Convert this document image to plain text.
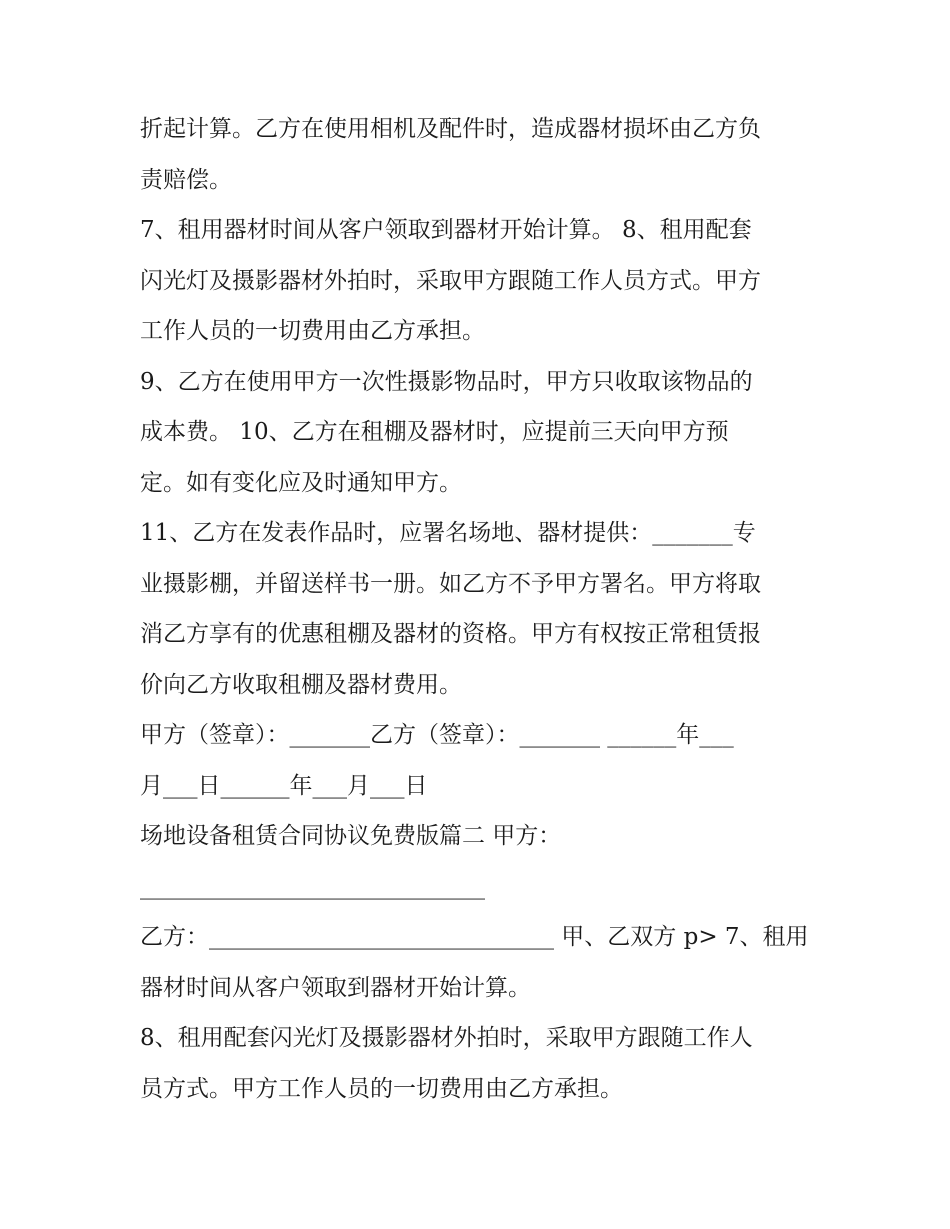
折起计算。乙方在使用相机及配件时，造成器材损坏由乙方负
责赔偿。
7、租用器材时间从客户领取到器材开始计算。 8、租用配套
闪光灯及摄影器材外拍时，采取甲方跟随工作人员方式。甲方
工作人员的一切费用由乙方承担。
9、乙方在使用甲方一次性摄影物品时，甲方只收取该物品的
成本费。 10、乙方在租棚及器材时，应提前三天向甲方预
定。如有变化应及时通知甲方。
11、乙方在发表作品时，应署名场地、器材提供：_______专
业摄影棚，并留送样书一册。如乙方不予甲方署名。甲方将取
消乙方享有的优惠租棚及器材的资格。甲方有权按正常租赁报
价向乙方收取租棚及器材费用。
甲方（签章）：_______乙方（签章）：_______ ______年___
月___日______年___月___日
场地设备租赁合同协议免费版篇二 甲方：
______________________________
乙方：______________________________ 甲、乙双方 p> 7、租用
器材时间从客户领取到器材开始计算。
8、租用配套闪光灯及摄影器材外拍时，采取甲方跟随工作人
员方式。甲方工作人员的一切费用由乙方承担。
